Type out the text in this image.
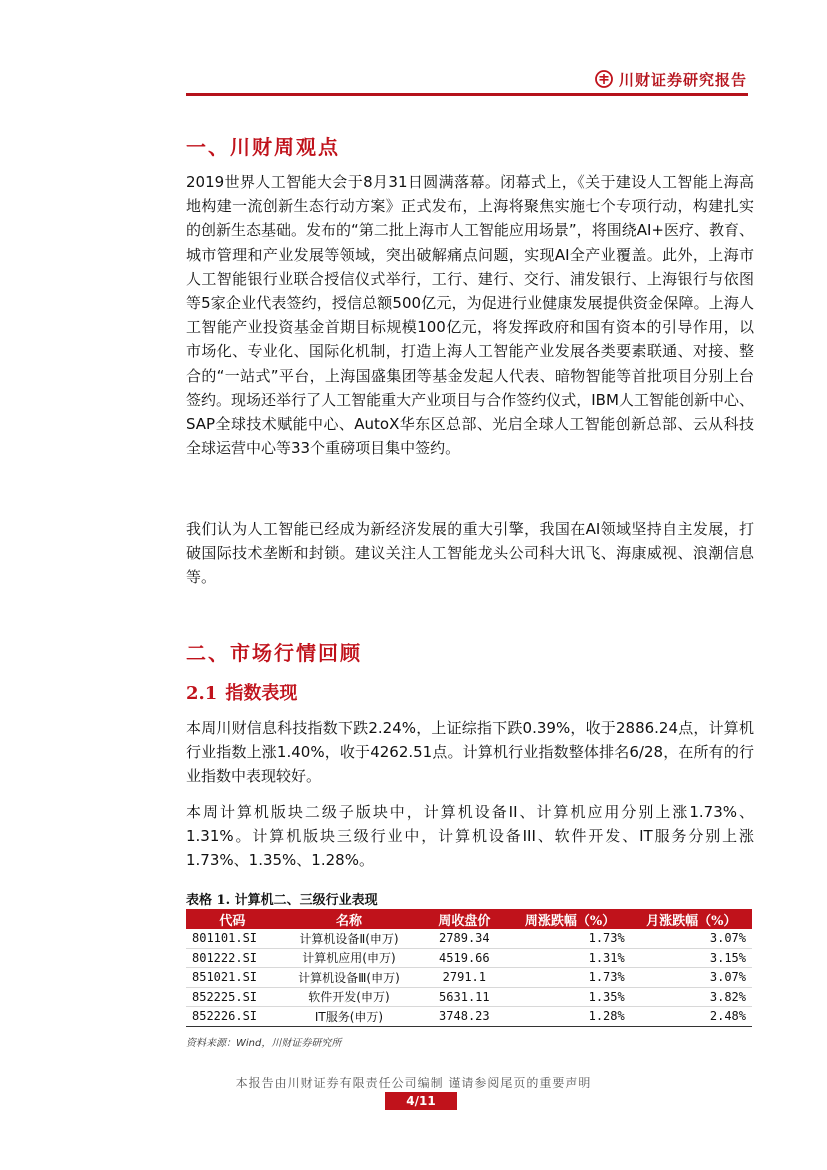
川财证券研究报告
一、川财周观点
2019世界人工智能大会于8月31日圆满落幕。闭幕式上，《关于建设人工智能上海高地构建一流创新生态行动方案》正式发布，上海将聚焦实施七个专项行动，构建扎实的创新生态基础。发布的“第二批上海市人工智能应用场景”，将围绕AI+医疗、教育、城市管理和产业发展等领域，突出破解痛点问题，实现AI全产业覆盖。此外，上海市人工智能银行业联合授信仪式举行，工行、建行、交行、浦发银行、上海银行与依图等5家企业代表签约，授信总额500亿元，为促进行业健康发展提供资金保障。上海人工智能产业投资基金首期目标规模100亿元，将发挥政府和国有资本的引导作用，以市场化、专业化、国际化机制，打造上海人工智能产业发展各类要素联通、对接、整合的“一站式”平台，上海国盛集团等基金发起人代表、暗物智能等首批项目分别上台签约。现场还举行了人工智能重大产业项目与合作签约仪式，IBM人工智能创新中心、SAP全球技术赋能中心、AutoX华东区总部、光启全球人工智能创新总部、云从科技全球运营中心等33个重磅项目集中签约。
我们认为人工智能已经成为新经济发展的重大引擎，我国在AI领域坚持自主发展，打破国际技术垄断和封锁。建议关注人工智能龙头公司科大讯飞、海康威视、浪潮信息等。
二、市场行情回顾
2.1 指数表现
本周川财信息科技指数下跌2.24%，上证综指下跌0.39%，收于2886.24点，计算机行业指数上涨1.40%，收于4262.51点。计算机行业指数整体排名6/28，在所有的行业指数中表现较好。
本周计算机版块二级子版块中，计算机设备II、计算机应用分别上涨1.73%、1.31%。计算机版块三级行业中，计算机设备III、软件开发、IT服务分别上涨1.73%、1.35%、1.28%。
表格 1. 计算机二、三级行业表现
代码	名称	周收盘价	周涨跌幅（%）	月涨跌幅（%）
801101.SI	计算机设备Ⅱ(申万)	2789.34	1.73%	3.07%
801222.SI	计算机应用(申万)	4519.66	1.31%	3.15%
851021.SI	计算机设备Ⅲ(申万)	2791.1	1.73%	3.07%
852225.SI	软件开发(申万)	5631.11	1.35%	3.82%
852226.SI	IT服务(申万)	3748.23	1.28%	2.48%
资料来源：Wind，川财证券研究所
本报告由川财证券有限责任公司编制 谨请参阅尾页的重要声明
4/11
